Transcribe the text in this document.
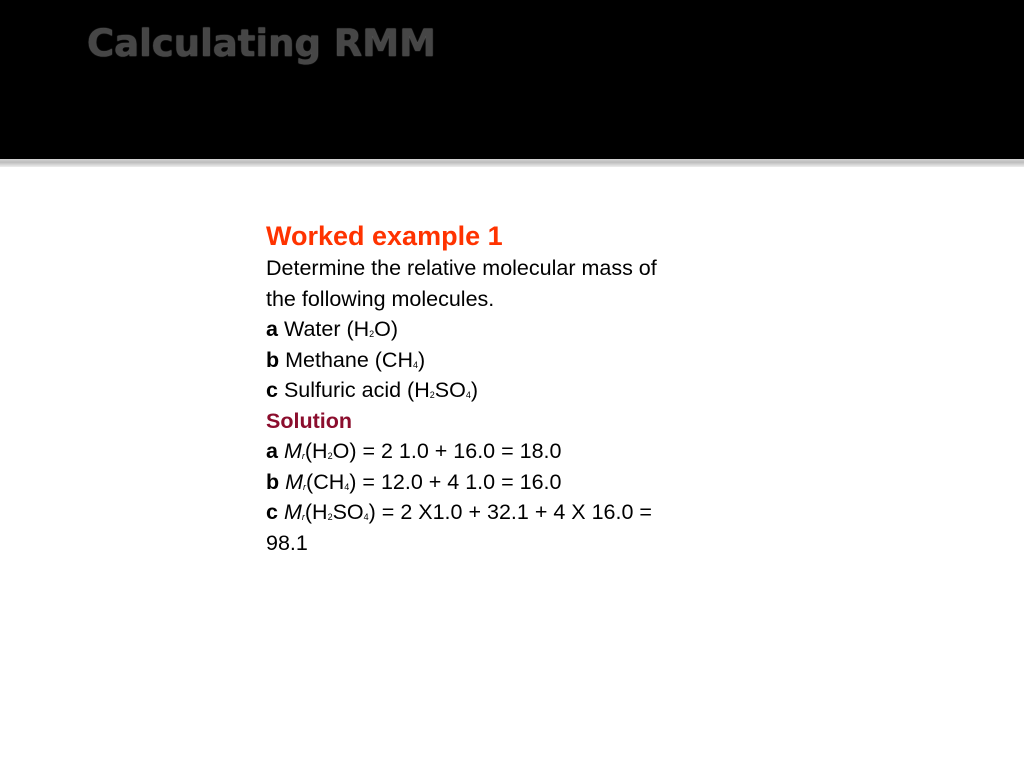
Calculating RMM
Worked example 1
Determine the relative molecular mass of
the following molecules.
a Water $(H_2O)$
b Methane $(CH_4)$
c Sulfuric acid $(H_2SO_4)$
Solution
a $M_r(H_2O) = 2$ 1.0 + 16.0 = 18.0
b $M_r(CH_4) = 12.0 + 4$ 1.0 = 16.0
c $M_r(H_2SO_4) = 2$ X1.0 + 32.1 + 4 X 16.0 =
98.1
